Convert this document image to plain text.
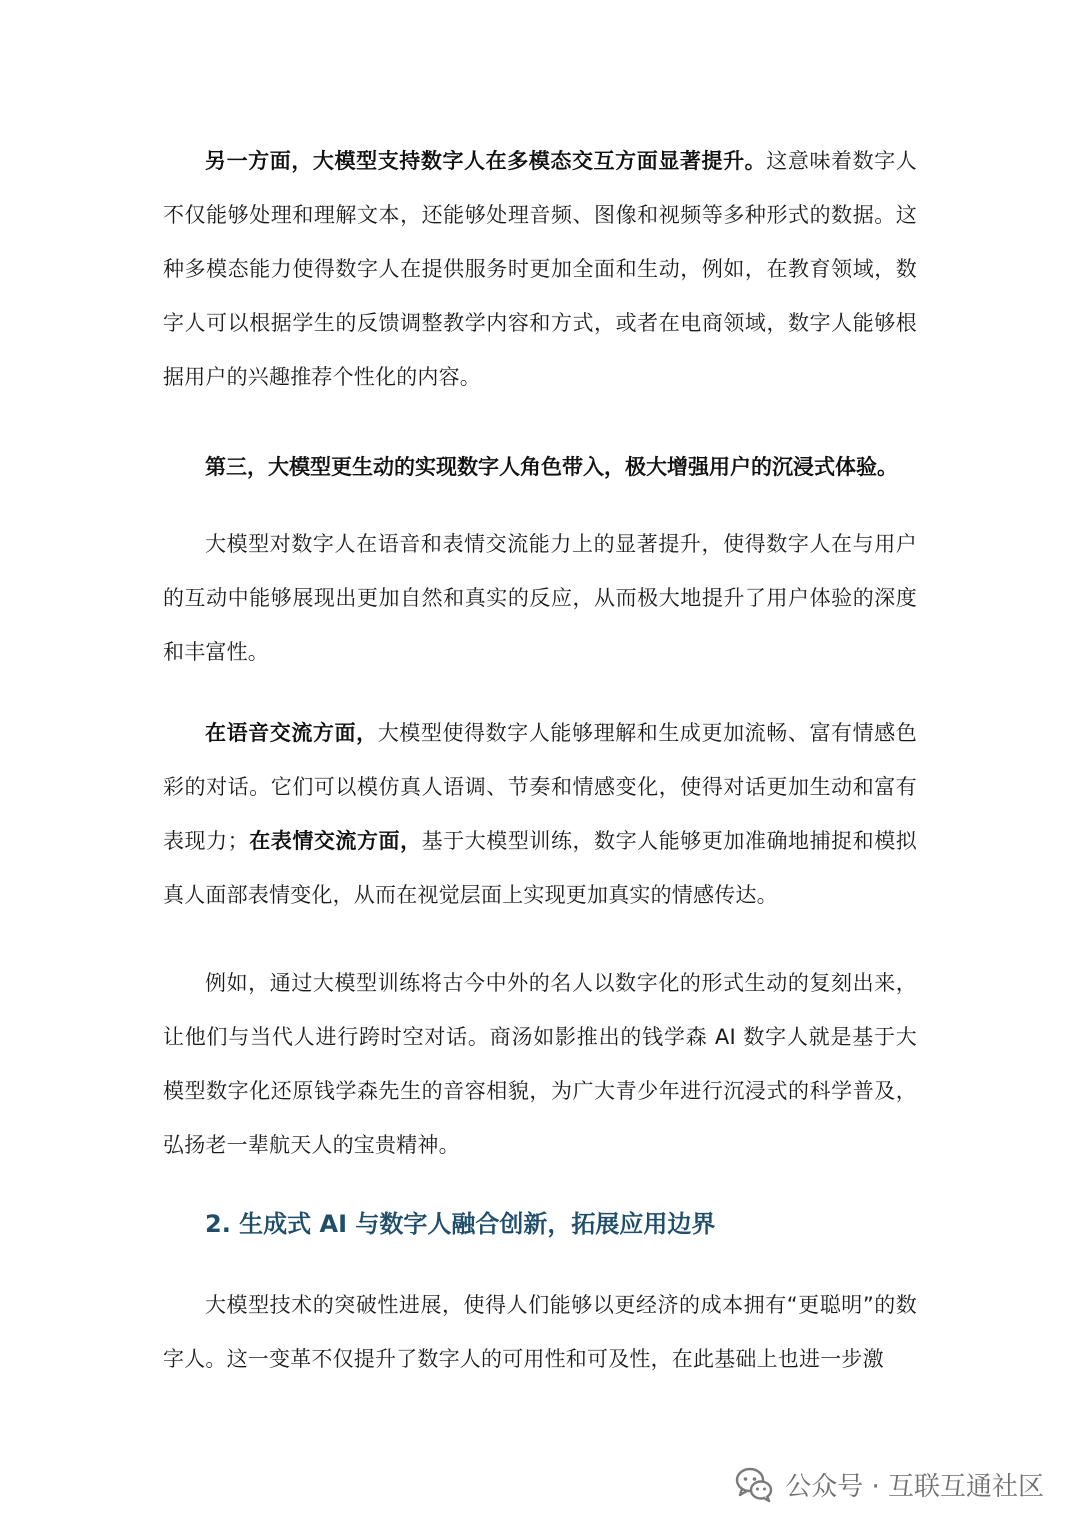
另一方面，大模型支持数字人在多模态交互方面显著提升。这意味着数字人不仅能够处理和理解文本，还能够处理音频、图像和视频等多种形式的数据。这种多模态能力使得数字人在提供服务时更加全面和生动，例如，在教育领域，数字人可以根据学生的反馈调整教学内容和方式，或者在电商领域，数字人能够根据用户的兴趣推荐个性化的内容。

第三，大模型更生动的实现数字人角色带入，极大增强用户的沉浸式体验。

大模型对数字人在语音和表情交流能力上的显著提升，使得数字人在与用户的互动中能够展现出更加自然和真实的反应，从而极大地提升了用户体验的深度和丰富性。

在语音交流方面，大模型使得数字人能够理解和生成更加流畅、富有情感色彩的对话。它们可以模仿真人语调、节奏和情感变化，使得对话更加生动和富有表现力；在表情交流方面，基于大模型训练，数字人能够更加准确地捕捉和模拟真人面部表情变化，从而在视觉层面上实现更加真实的情感传达。

例如，通过大模型训练将古今中外的名人以数字化的形式生动的复刻出来，让他们与当代人进行跨时空对话。商汤如影推出的钱学森 AI 数字人就是基于大模型数字化还原钱学森先生的音容相貌，为广大青少年进行沉浸式的科学普及，弘扬老一辈航天人的宝贵精神。

2. 生成式 AI 与数字人融合创新，拓展应用边界

大模型技术的突破性进展，使得人们能够以更经济的成本拥有“更聪明”的数字人。这一变革不仅提升了数字人的可用性和可及性，在此基础上也进一步激

公众号 · 互联互通社区
